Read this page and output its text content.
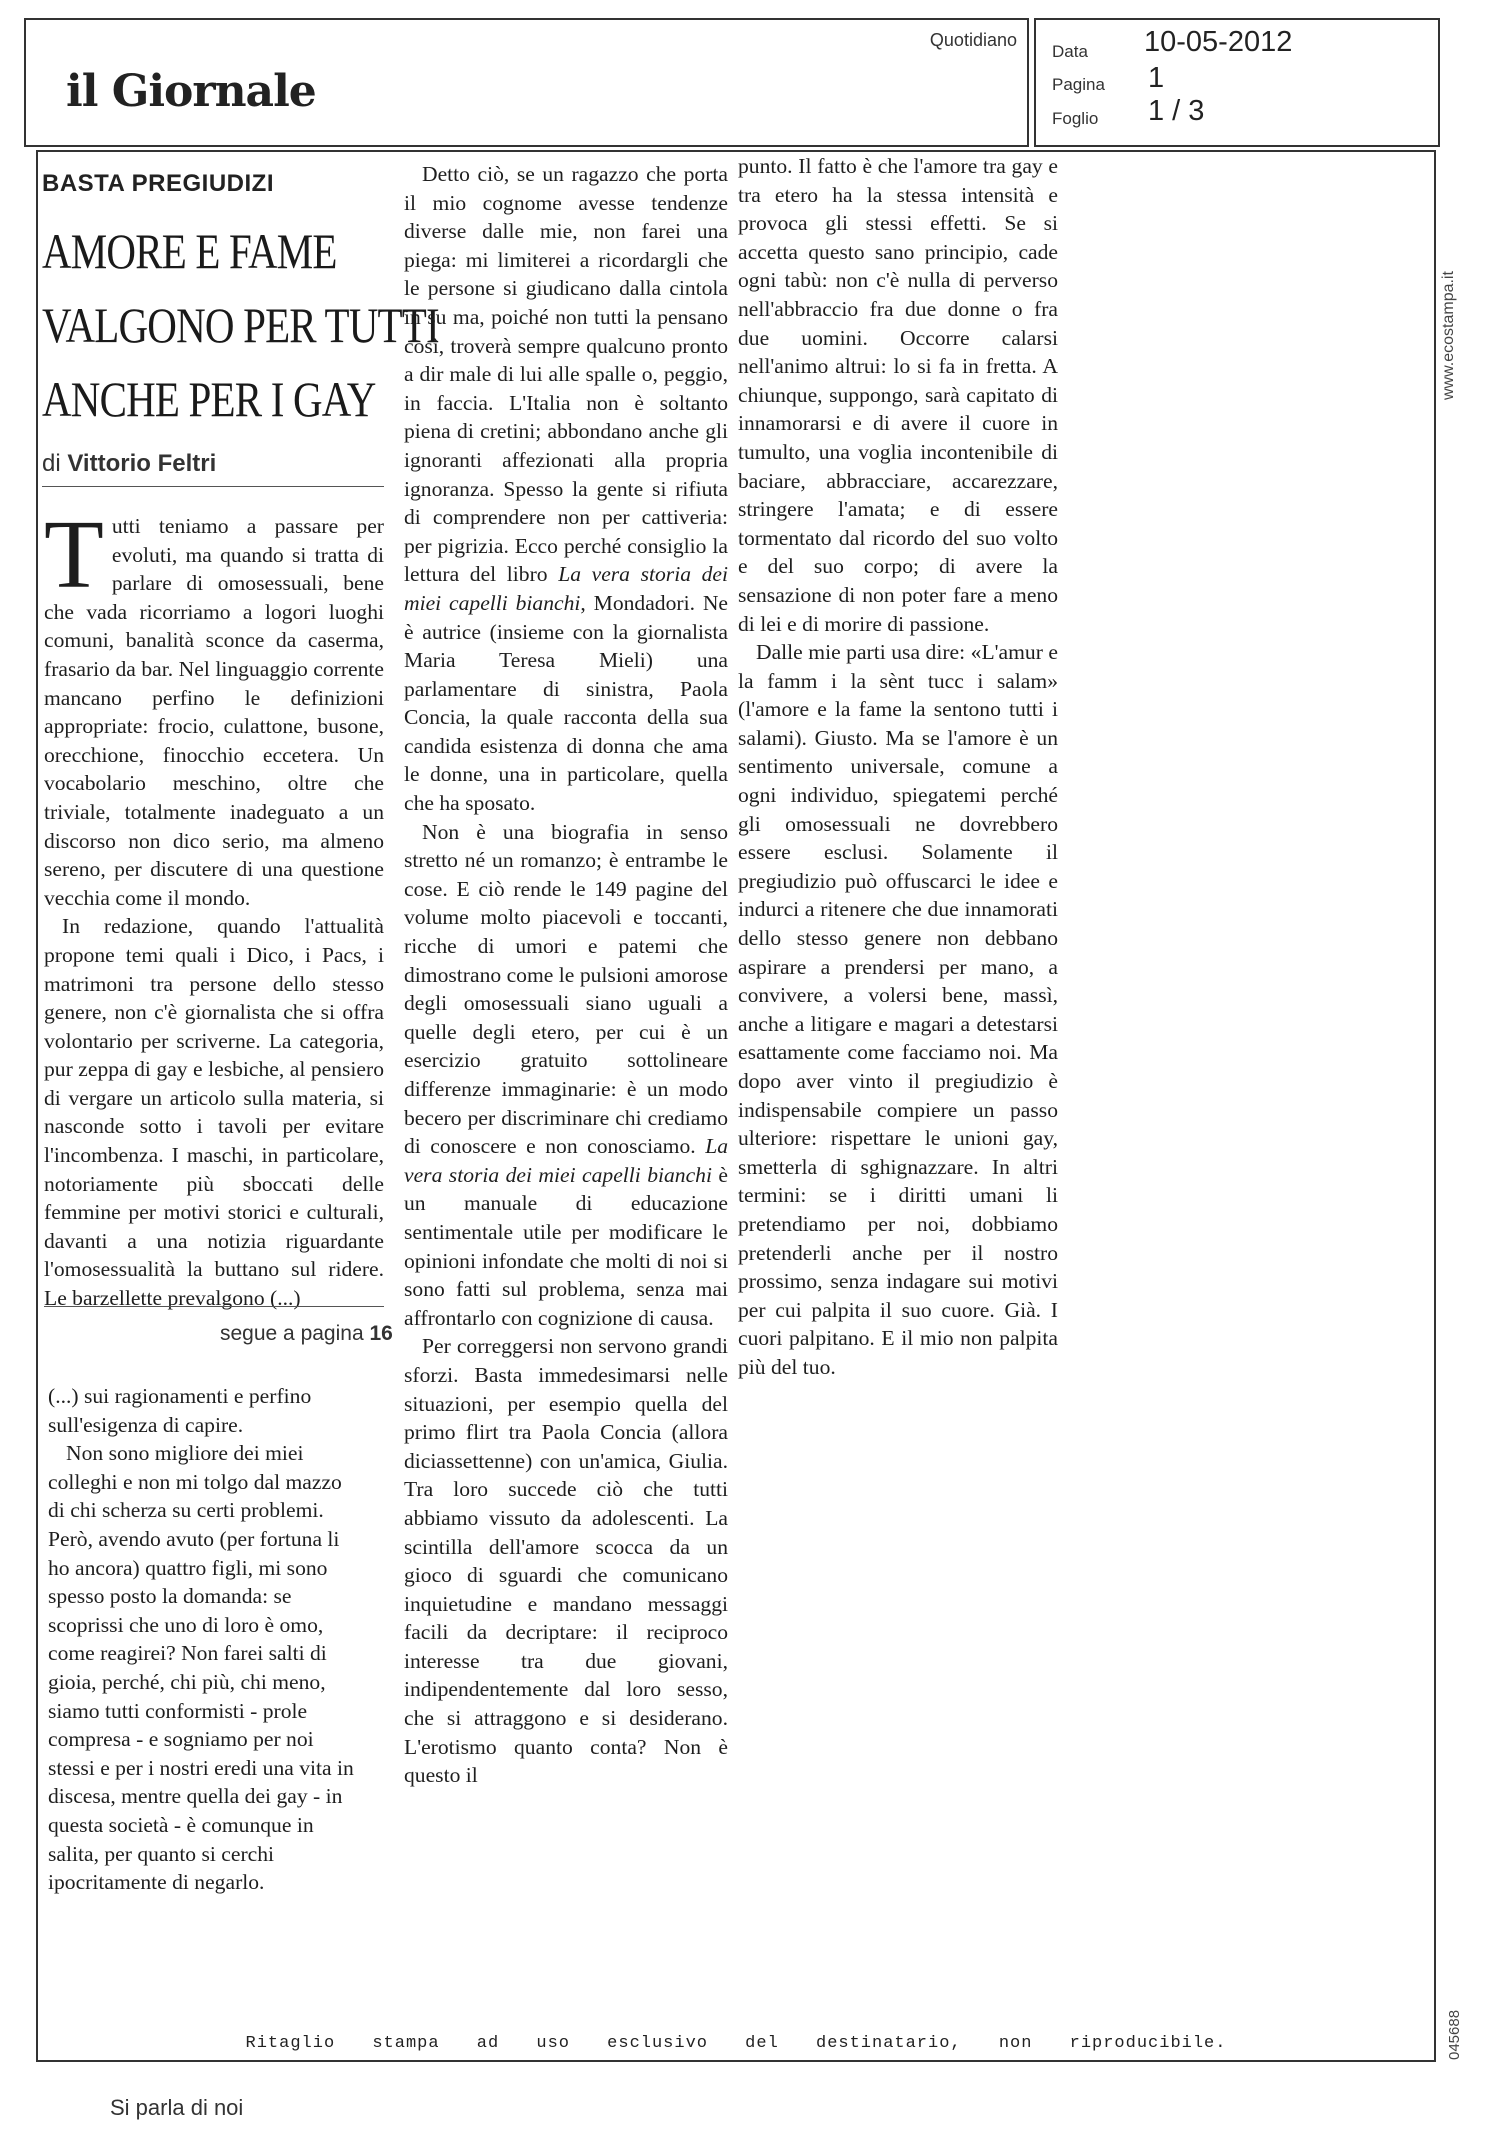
il Giornale
Quotidiano
Data 10-05-2012
Pagina 1
Foglio 1 / 3
www.ecostampa.it
045688
BASTA PREGIUDIZI
AMORE E FAME
VALGONO PER TUTTI
ANCHE PER I GAY
di Vittorio Feltri

Tutti teniamo a passare per evoluti, ma quando si tratta di parlare di omosessuali, bene che vada ricorriamo a logori luoghi comuni, banalità sconce da caserma, frasario da bar. Nel linguaggio corrente mancano perfino le definizioni appropriate: frocio, culattone, busone, orecchione, finocchio eccetera. Un vocabolario meschino, oltre che triviale, totalmente inadeguato a un discorso non dico serio, ma almeno sereno, per discutere di una questione vecchia come il mondo.

In redazione, quando l'attualità propone temi quali i Dico, i Pacs, i matrimoni tra persone dello stesso genere, non c'è giornalista che si offra volontario per scriverne. La categoria, pur zeppa di gay e lesbiche, al pensiero di vergare un articolo sulla materia, si nasconde sotto i tavoli per evitare l'incombenza. I maschi, in particolare, notoriamente più sboccati delle femmine per motivi storici e culturali, davanti a una notizia riguardante l'omosessualità la buttano sul ridere. Le barzellette prevalgono (...)

segue a pagina 16

(...) sui ragionamenti e perfino sull'esigenza di capire.

Non sono migliore dei miei colleghi e non mi tolgo dal mazzo di chi scherza su certi problemi. Però, avendo avuto (per fortuna li ho ancora) quattro figli, mi sono spesso posto la domanda: se scoprissi che uno di loro è omo, come reagirei? Non farei salti di gioia, perché, chi più, chi meno, siamo tutti conformisti - prole compresa - e sogniamo per noi stessi e per i nostri eredi una vita in discesa, mentre quella dei gay - in questa società - è comunque in salita, per quanto si cerchi ipocritamente di negarlo.

Detto ciò, se un ragazzo che porta il mio cognome avesse tendenze diverse dalle mie, non farei una piega: mi limiterei a ricordargli che le persone si giudicano dalla cintola in su ma, poiché non tutti la pensano così, troverà sempre qualcuno pronto a dir male di lui alle spalle o, peggio, in faccia. L'Italia non è soltanto piena di cretini; abbondano anche gli ignoranti affezionati alla propria ignoranza. Spesso la gente si rifiuta di comprendere non per cattiveria: per pigrizia. Ecco perché consiglio la lettura del libro La vera storia dei miei capelli bianchi, Mondadori. Ne è autrice (insieme con la giornalista Maria Teresa Mieli) una parlamentare di sinistra, Paola Concia, la quale racconta della sua candida esistenza di donna che ama le donne, una in particolare, quella che ha sposato.

Non è una biografia in senso stretto né un romanzo; è entrambe le cose. E ciò rende le 149 pagine del volume molto piacevoli e toccanti, ricche di umori e patemi che dimostrano come le pulsioni amorose degli omosessuali siano uguali a quelle degli etero, per cui è un esercizio gratuito sottolineare differenze immaginarie: è un modo becero per discriminare chi crediamo di conoscere e non conosciamo. La vera storia dei miei capelli bianchi è un manuale di educazione sentimentale utile per modificare le opinioni infondate che molti di noi si sono fatti sul problema, senza mai affrontarlo con cognizione di causa.

Per correggersi non servono grandi sforzi. Basta immedesimarsi nelle situazioni, per esempio quella del primo flirt tra Paola Concia (allora diciassettenne) con un'amica, Giulia. Tra loro succede ciò che tutti abbiamo vissuto da adolescenti. La scintilla dell'amore scocca da un gioco di sguardi che comunicano inquietudine e mandano messaggi facili da decriptare: il reciproco interesse tra due giovani, indipendentemente dal loro sesso, che si attraggono e si desiderano. L'erotismo quanto conta? Non è questo il

punto. Il fatto è che l'amore tra gay e tra etero ha la stessa intensità e provoca gli stessi effetti. Se si accetta questo sano principio, cade ogni tabù: non c'è nulla di perverso nell'abbraccio fra due donne o fra due uomini. Occorre calarsi nell'animo altrui: lo si fa in fretta. A chiunque, suppongo, sarà capitato di innamorarsi e di avere il cuore in tumulto, una voglia incontenibile di baciare, abbracciare, accarezzare, stringere l'amata; e di essere tormentato dal ricordo del suo volto e del suo corpo; di avere la sensazione di non poter fare a meno di lei e di morire di passione.

Dalle mie parti usa dire: «L'amur e la famm i la sènt tucc i salam» (l'amore e la fame la sentono tutti i salami). Giusto. Ma se l'amore è un sentimento universale, comune a ogni individuo, spiegatemi perché gli omosessuali ne dovrebbero essere esclusi. Solamente il pregiudizio può offuscarci le idee e indurci a ritenere che due innamorati dello stesso genere non debbano aspirare a prendersi per mano, a convivere, a volersi bene, massì, anche a litigare e magari a detestarsi esattamente come facciamo noi. Ma dopo aver vinto il pregiudizio è indispensabile compiere un passo ulteriore: rispettare le unioni gay, smetterla di sghignazzare. In altri termini: se i diritti umani li pretendiamo per noi, dobbiamo pretenderli anche per il nostro prossimo, senza indagare sui motivi per cui palpita il suo cuore. Già. I cuori palpitano. E il mio non palpita più del tuo.

Ritaglio stampa ad uso esclusivo del destinatario, non riproducibile.
Si parla di noi
